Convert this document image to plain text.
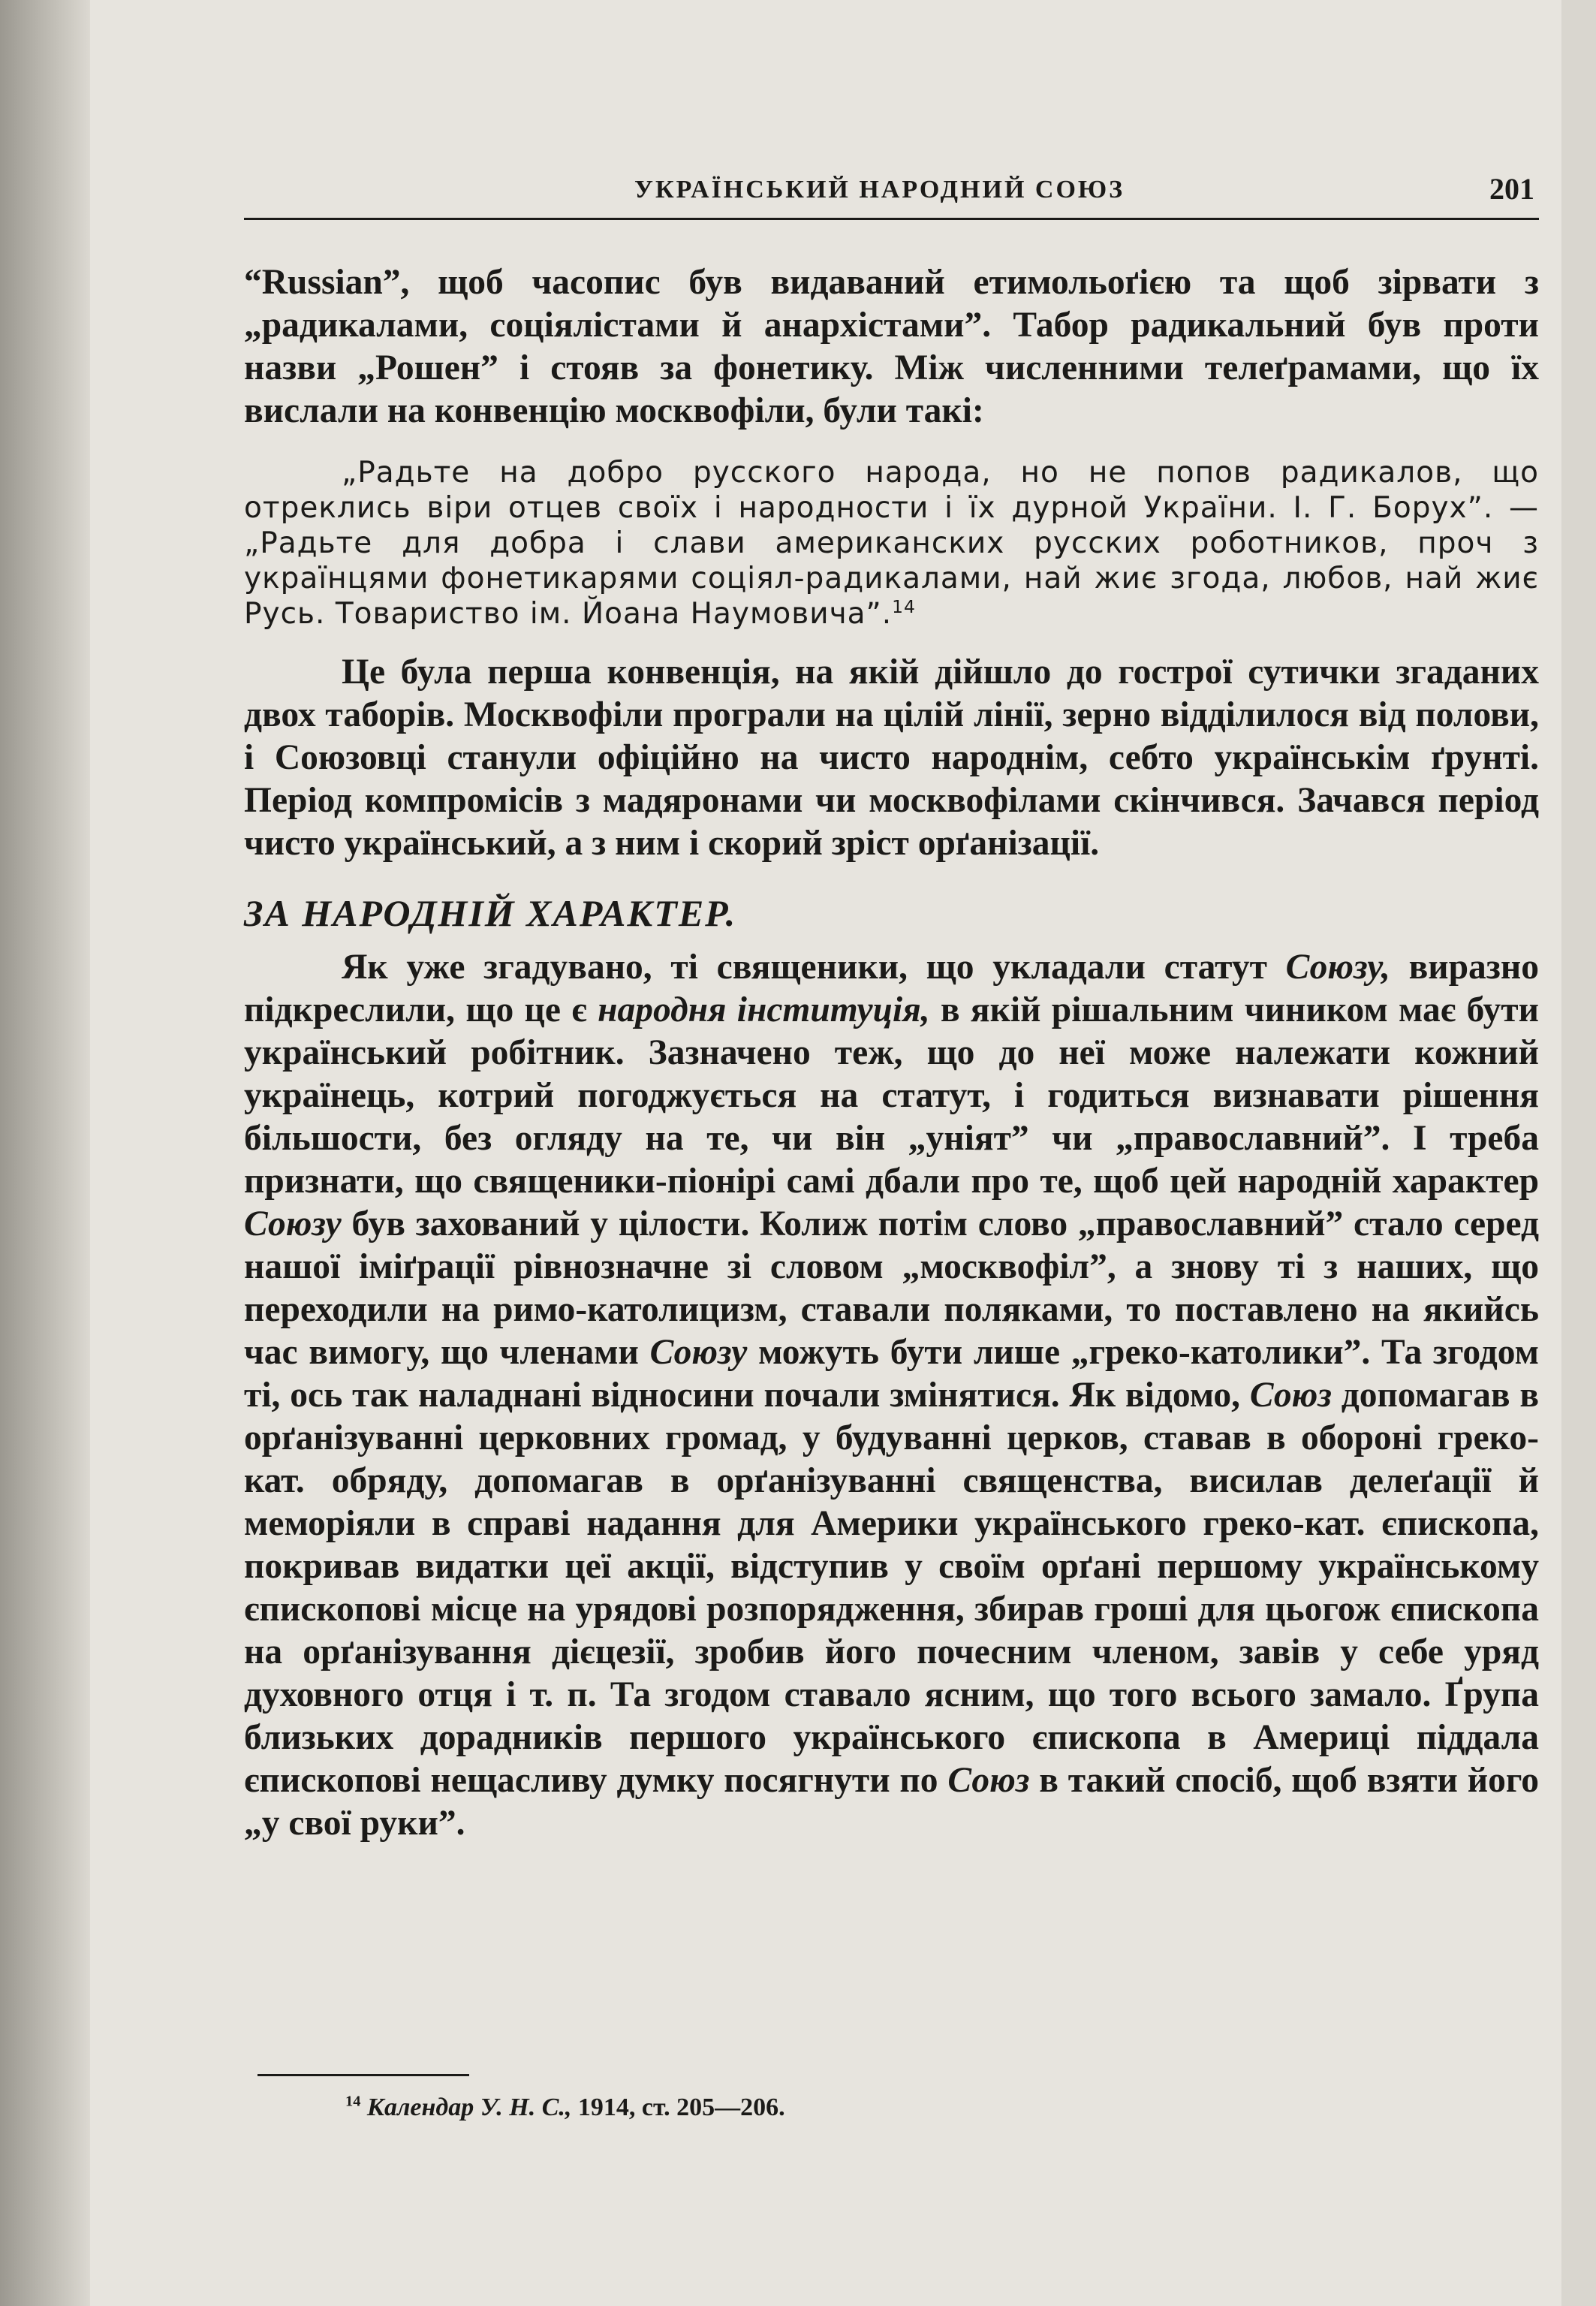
УКРАЇНСЬКИЙ НАРОДНИЙ СОЮЗ	201

“Russian”, щоб часопис був видаваний етимольоґією та щоб зірвати з „радикалами, соціялістами й анархістами”. Табор радикальний був проти назви „Рошен” і стояв за фонетику. Між численними телеґрамами, що їх вислали на конвенцію москвофіли, були такі:

„Радьте на добро русского народа, но не попов радикалов, що отреклись віри отцев своїх і народности і їх дурной України. І. Г. Борух”. — „Радьте для добра і слави американских русских роботников, проч з українцями фонетикарями соціял-радикалами, най жиє згода, любов, най жиє Русь. Товариство ім. Йоана Наумовича”.$^{14}$

Це була перша конвенція, на якій дійшло до гострої сутички згаданих двох таборів. Москвофіли програли на цілій лінії, зерно відділилося від полови, і Союзовці станули офіційно на чисто народнім, себто українськім ґрунті. Період компромісів з мадяронами чи москвофілами скінчився. Зачався період чисто український, а з ним і скорий зріст орґанізації.

ЗА НАРОДНІЙ ХАРАКТЕР.

Як уже згадувано, ті священики, що укладали статут Союзу, виразно підкреслили, що це є народня інституція, в якій рішальним чиником має бути український робітник. Зазначено теж, що до неї може належати кожний українець, котрий погоджується на статут, і годиться визнавати рішення більшости, без огляду на те, чи він „уніят” чи „православний”. І треба признати, що священики-піонірі самі дбали про те, щоб цей народній характер Союзу був захований у цілости. Колиж потім слово „православний” стало серед нашої іміґрації рівнозначне зі словом „москвофіл”, а знову ті з наших, що переходили на римо-католицизм, ставали поляками, то поставлено на якийсь час вимогу, що членами Союзу можуть бути лише „греко-католики”. Та згодом ті, ось так наладнані відносини почали змінятися. Як відомо, Союз допомагав в орґанізуванні церковних громад, у будуванні церков, ставав в обороні греко-кат. обряду, допомагав в орґанізуванні священства, висилав делеґації й меморіяли в справі надання для Америки українського греко-кат. єпископа, покривав видатки цеї акції, відступив у своїм орґані першому українському єпископові місце на урядові розпорядження, збирав гроші для цьогож єпископа на орґанізування дієцезії, зробив його почесним членом, завів у себе уряд духовного отця і т. п. Та згодом ставало ясним, що того всього замало. Ґрупа близьких дорадників першого українського єпископа в Америці піддала єпископові нещасливу думку посягнути по Союз в такий спосіб, щоб взяти його „у свої руки”.

$^{14}$ Календар У. Н. С., 1914, ст. 205—206.
